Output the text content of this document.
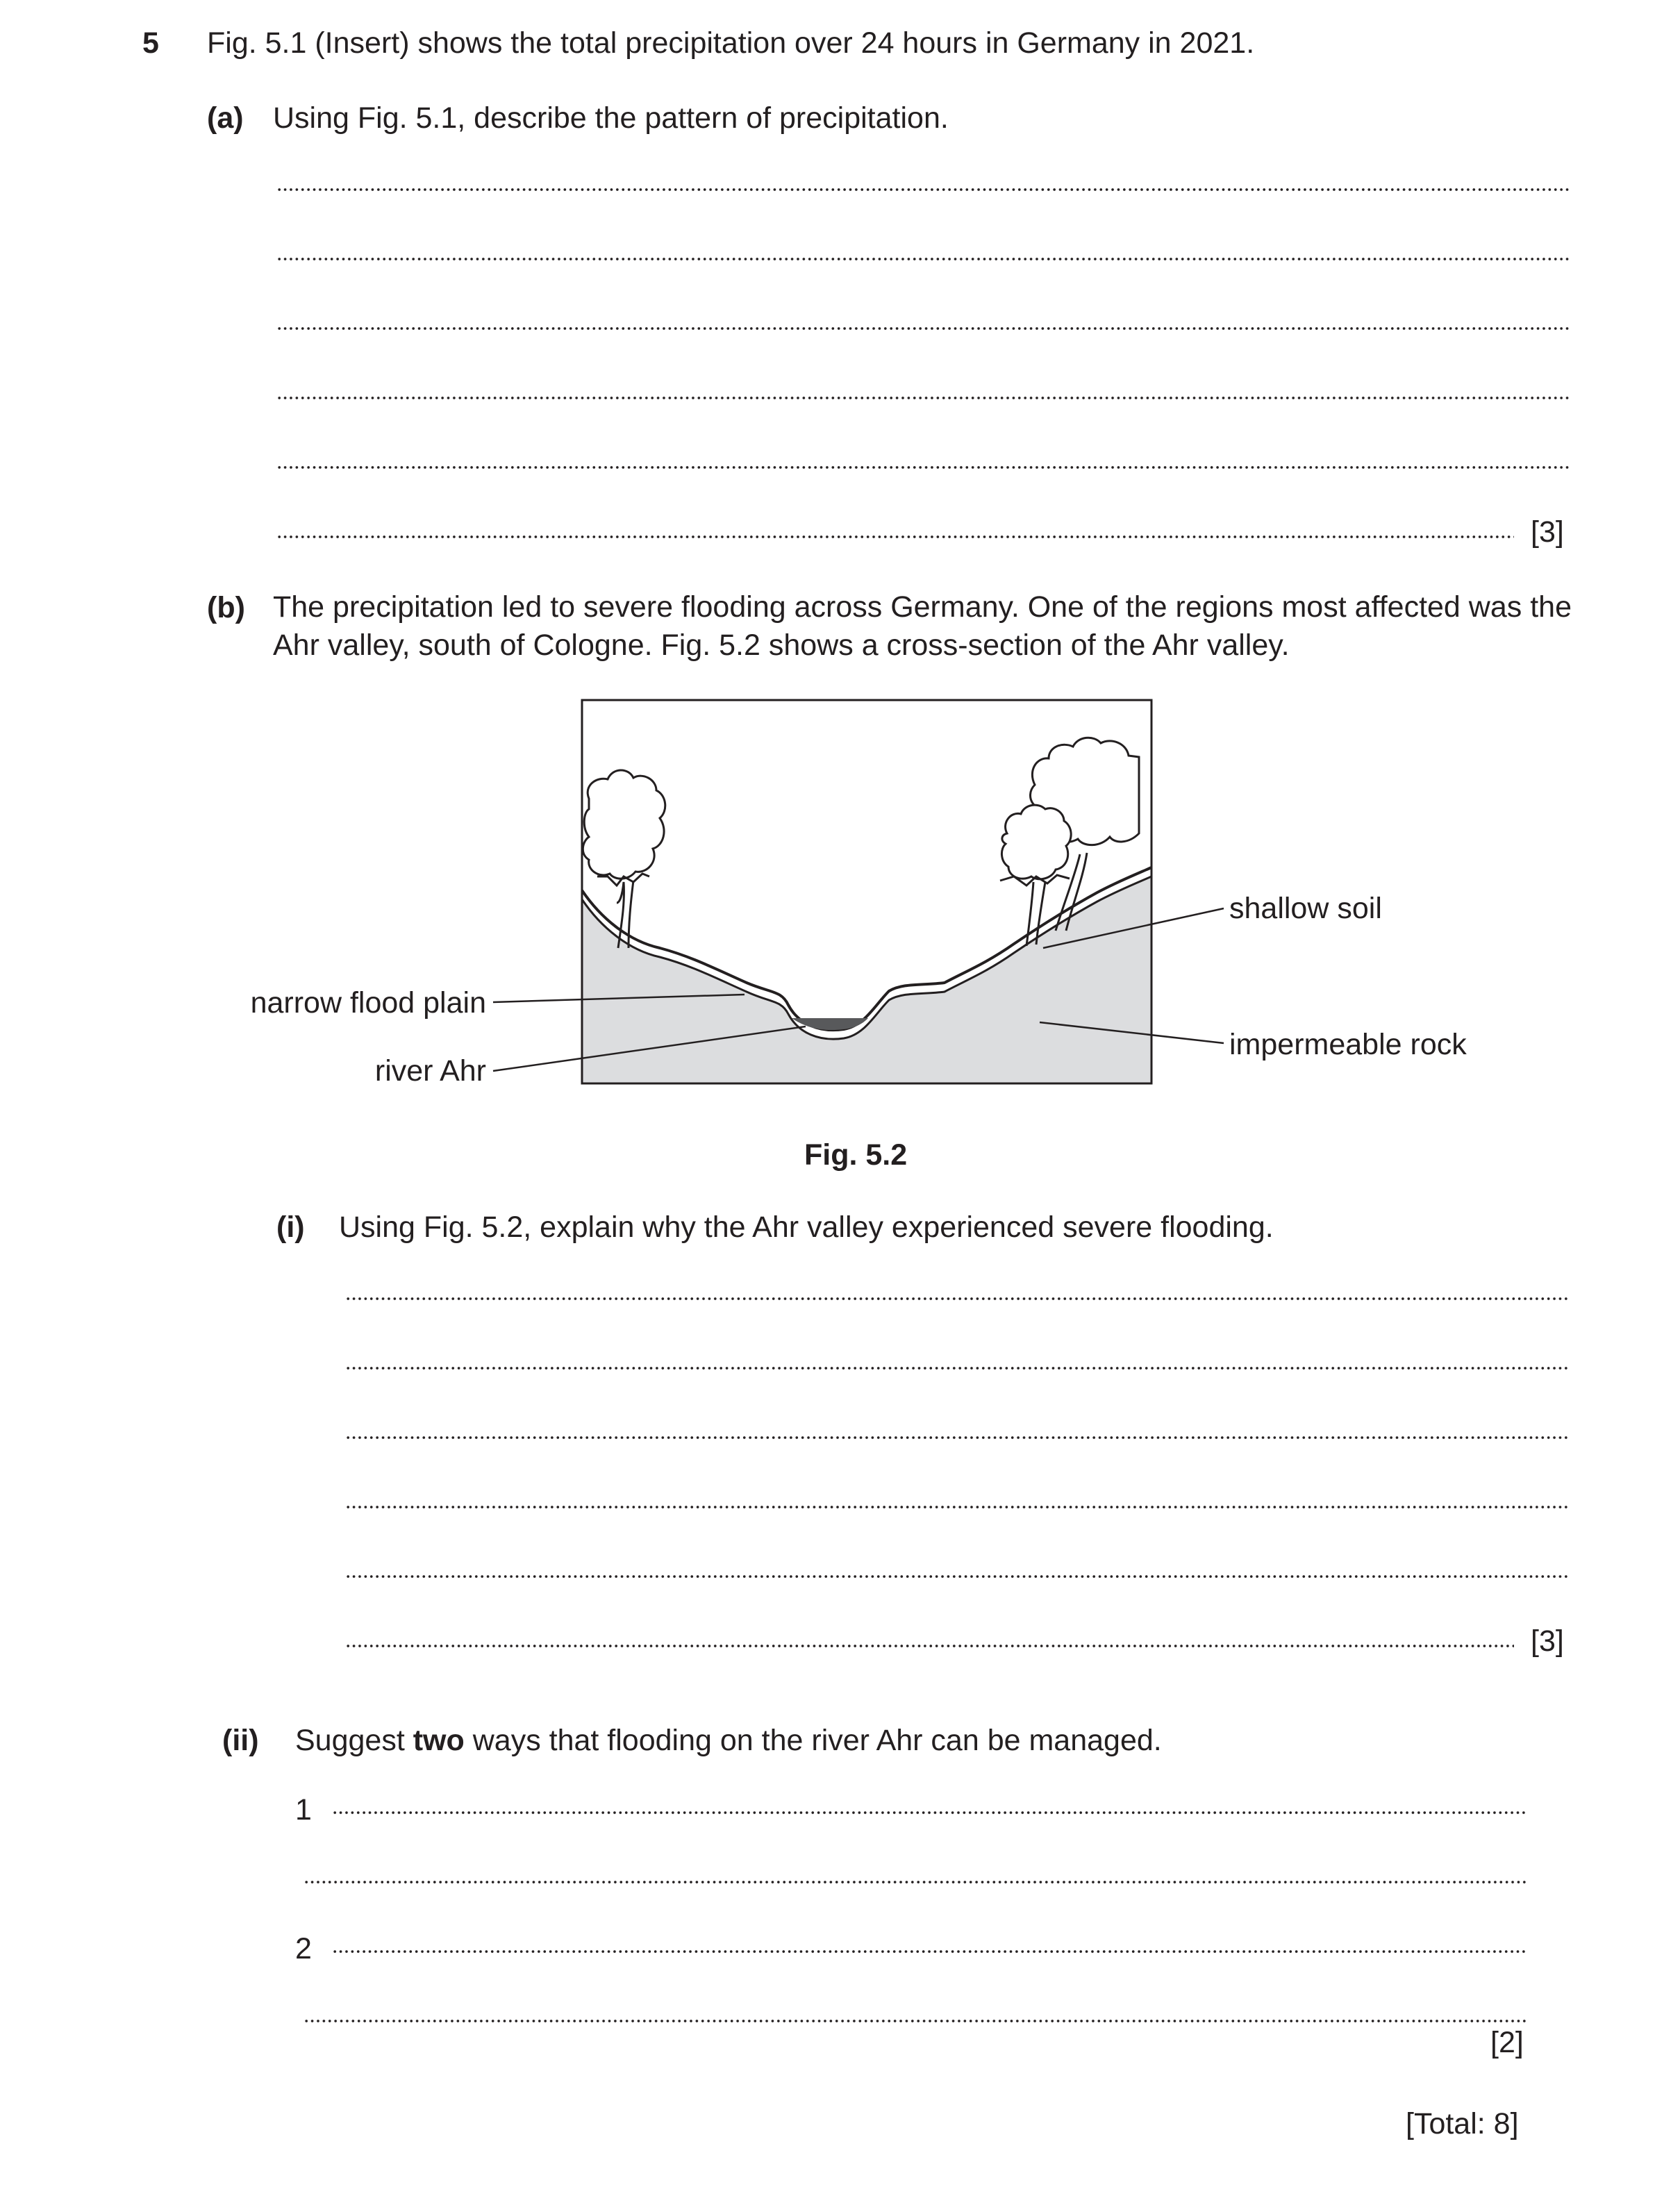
5 Fig. 5.1 (Insert) shows the total precipitation over 24 hours in Germany in 2021.
(a) Using Fig. 5.1, describe the pattern of precipitation.
[3]
(b) The precipitation led to severe flooding across Germany. One of the regions most affected was the Ahr valley, south of Cologne. Fig. 5.2 shows a cross-section of the Ahr valley.
shallow soil
narrow flood plain
impermeable rock
river Ahr
Fig. 5.2
(i) Using Fig. 5.2, explain why the Ahr valley experienced severe flooding.
[3]
(ii) Suggest two ways that flooding on the river Ahr can be managed.
1
2
[2]
[Total: 8]
